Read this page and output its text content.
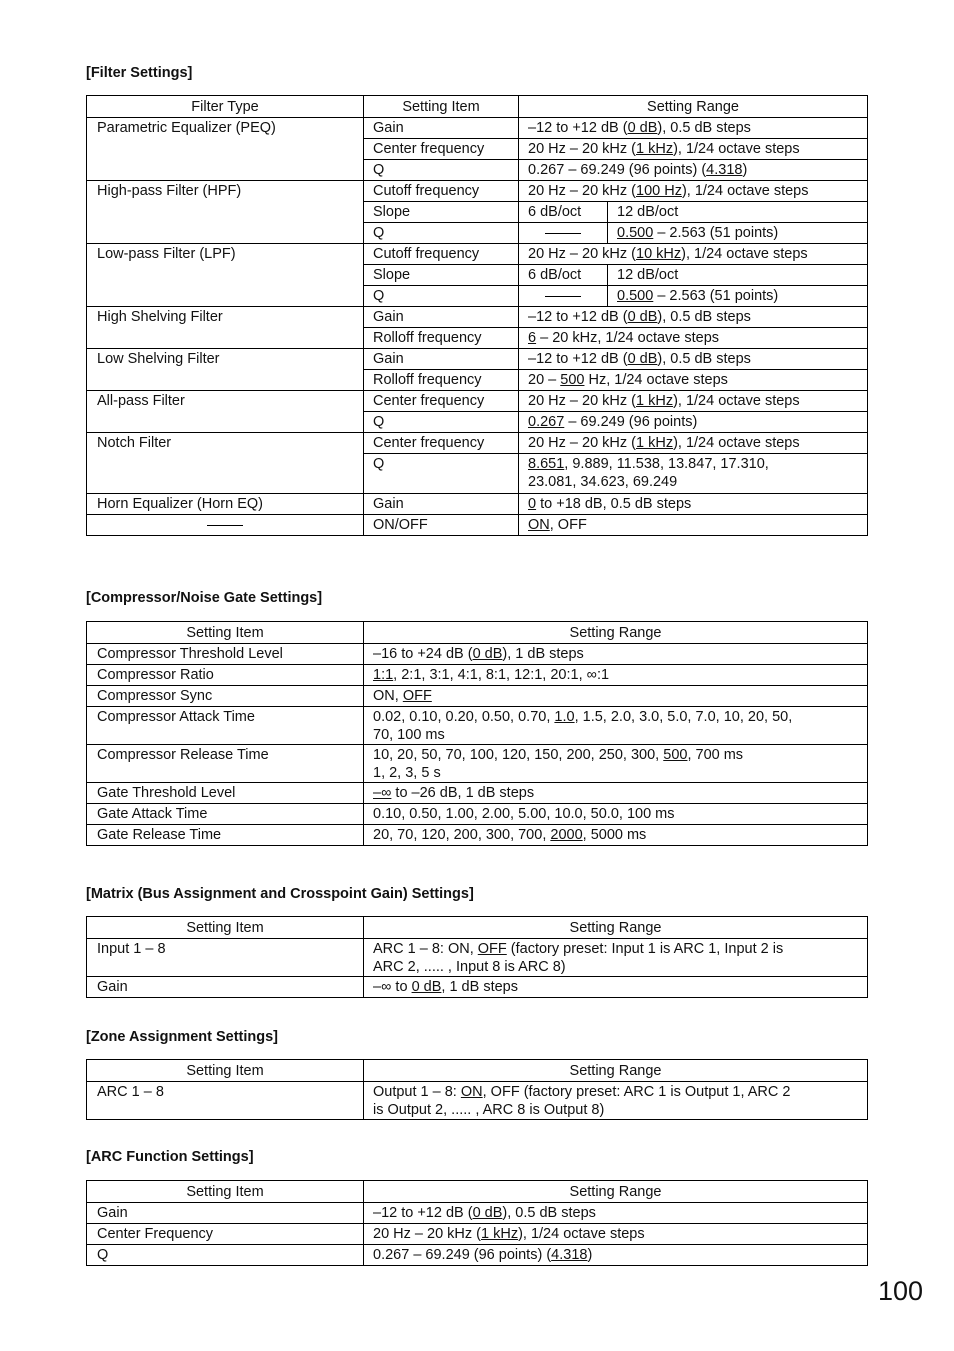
[Filter Settings]
Filter Type	Setting Item	Setting Range	
Parametric Equalizer (PEQ)	Gain	–12 to +12 dB (0 dB), 0.5 dB steps	
	Center frequency	20 Hz – 20 kHz (1 kHz), 1/24 octave steps	
	Q	0.267 – 69.249 (96 points) (4.318)	
High-pass Filter (HPF)	Cutoff frequency	20 Hz – 20 kHz (100 Hz), 1/24 octave steps	
	Slope	6 dB/oct	12 dB/oct
	Q		0.500 – 2.563 (51 points)
Low-pass Filter (LPF)	Cutoff frequency	20 Hz – 20 kHz (10 kHz), 1/24 octave steps	
	Slope	6 dB/oct	12 dB/oct
	Q		0.500 – 2.563 (51 points)
High Shelving Filter	Gain	–12 to +12 dB (0 dB), 0.5 dB steps	
	Rolloff frequency	6 – 20 kHz, 1/24 octave steps	
Low Shelving Filter	Gain	–12 to +12 dB (0 dB), 0.5 dB steps	
	Rolloff frequency	20 – 500 Hz, 1/24 octave steps	
All-pass Filter	Center frequency	20 Hz – 20 kHz (1 kHz), 1/24 octave steps	
	Q	0.267 – 69.249 (96 points)	
Notch Filter	Center frequency	20 Hz – 20 kHz (1 kHz), 1/24 octave steps	
	Q	8.651, 9.889, 11.538, 13.847, 17.310,
23.081, 34.623, 69.249	
Horn Equalizer (Horn EQ)	Gain	0 to +18 dB, 0.5 dB steps	
	ON/OFF	ON, OFF	
[Compressor/Noise Gate Settings]
Setting Item	Setting Range
Compressor Threshold Level	–16 to +24 dB (0 dB), 1 dB steps
Compressor Ratio	1:1, 2:1, 3:1, 4:1, 8:1, 12:1, 20:1, ∞:1
Compressor Sync	ON, OFF
Compressor Attack Time	0.02, 0.10, 0.20, 0.50, 0.70, 1.0, 1.5, 2.0, 3.0, 5.0, 7.0, 10, 20, 50,
70, 100 ms
Compressor Release Time	10, 20, 50, 70, 100, 120, 150, 200, 250, 300, 500, 700 ms
1, 2, 3, 5 s
Gate Threshold Level	–∞ to –26 dB, 1 dB steps
Gate Attack Time	0.10, 0.50, 1.00, 2.00, 5.00, 10.0, 50.0, 100 ms
Gate Release Time	20, 70, 120, 200, 300, 700, 2000, 5000 ms
[Matrix (Bus Assignment and Crosspoint Gain) Settings]
Setting Item	Setting Range
Input 1 – 8	ARC 1 – 8: ON, OFF (factory preset: Input 1 is ARC 1, Input 2 is
ARC 2, ..... , Input 8 is ARC 8)
Gain	–∞ to 0 dB, 1 dB steps
[Zone Assignment Settings]
Setting Item	Setting Range
ARC 1 – 8	Output 1 – 8: ON, OFF (factory preset: ARC 1 is Output 1, ARC 2
is Output 2, ..... , ARC 8 is Output 8)
[ARC Function Settings]
Setting Item	Setting Range
Gain	–12 to +12 dB (0 dB), 0.5 dB steps
Center Frequency	20 Hz – 20 kHz (1 kHz), 1/24 octave steps
Q	0.267 – 69.249 (96 points) (4.318)

100
